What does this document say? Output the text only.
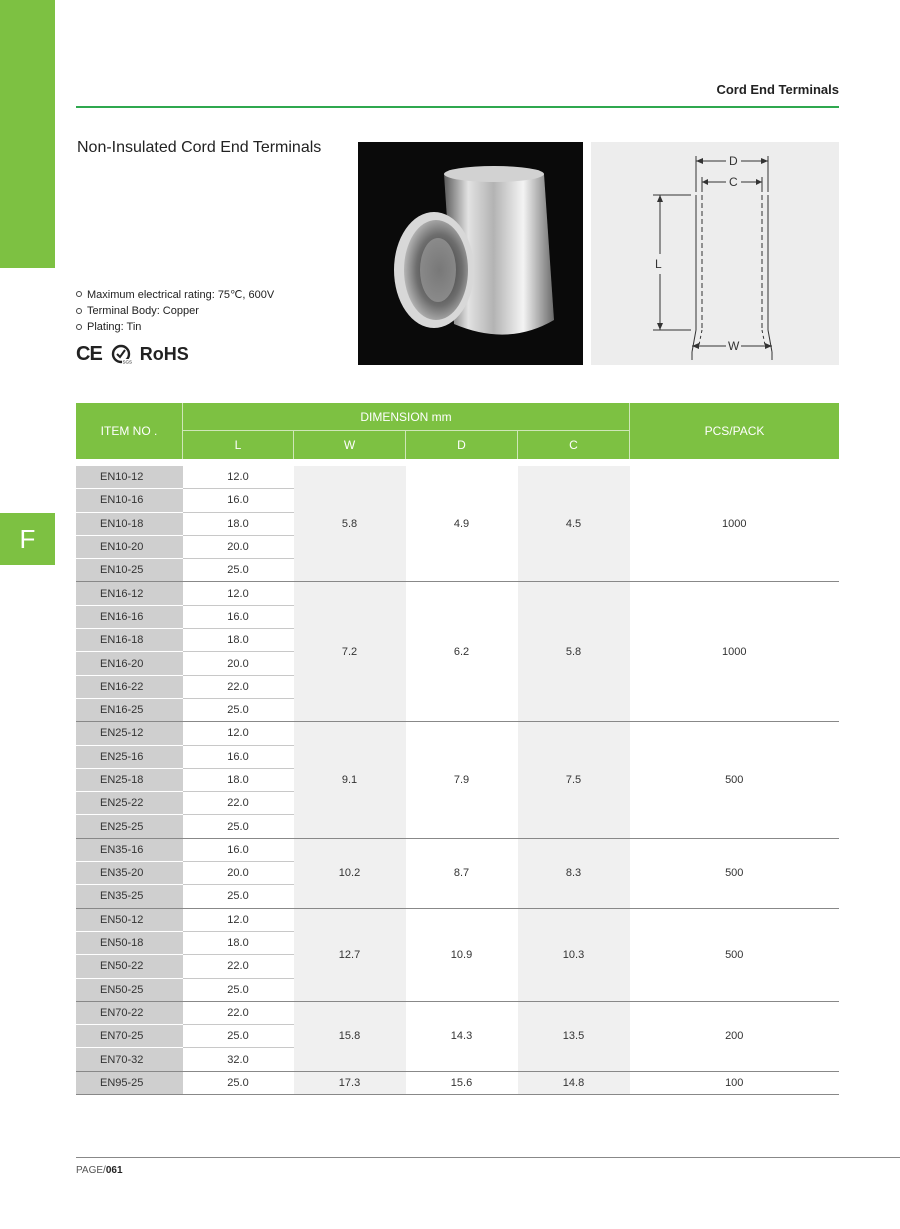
F
Cord End Terminals
Non-Insulated Cord End Terminals
Maximum electrical rating: 75℃, 600V
Terminal Body: Copper
Plating: Tin
CE	SGS RoHS
D
C
L
W
ITEM NO .	DIMENSION mm				PCS/PACK
	L	W	D	C	

EN10-12	12.0	5.8	4.9	4.5	1000
EN10-16	16.0				
EN10-18	18.0				
EN10-20	20.0				
EN10-25	25.0				
EN16-12	12.0	7.2	6.2	5.8	1000
EN16-16	16.0				
EN16-18	18.0				
EN16-20	20.0				
EN16-22	22.0				
EN16-25	25.0				
EN25-12	12.0	9.1	7.9	7.5	500
EN25-16	16.0				
EN25-18	18.0				
EN25-22	22.0				
EN25-25	25.0				
EN35-16	16.0	10.2	8.7	8.3	500
EN35-20	20.0				
EN35-25	25.0				
EN50-12	12.0	12.7	10.9	10.3	500
EN50-18	18.0				
EN50-22	22.0				
EN50-25	25.0				
EN70-22	22.0	15.8	14.3	13.5	200
EN70-25	25.0				
EN70-32	32.0				
EN95-25	25.0	17.3	15.6	14.8	100
PAGE/061
